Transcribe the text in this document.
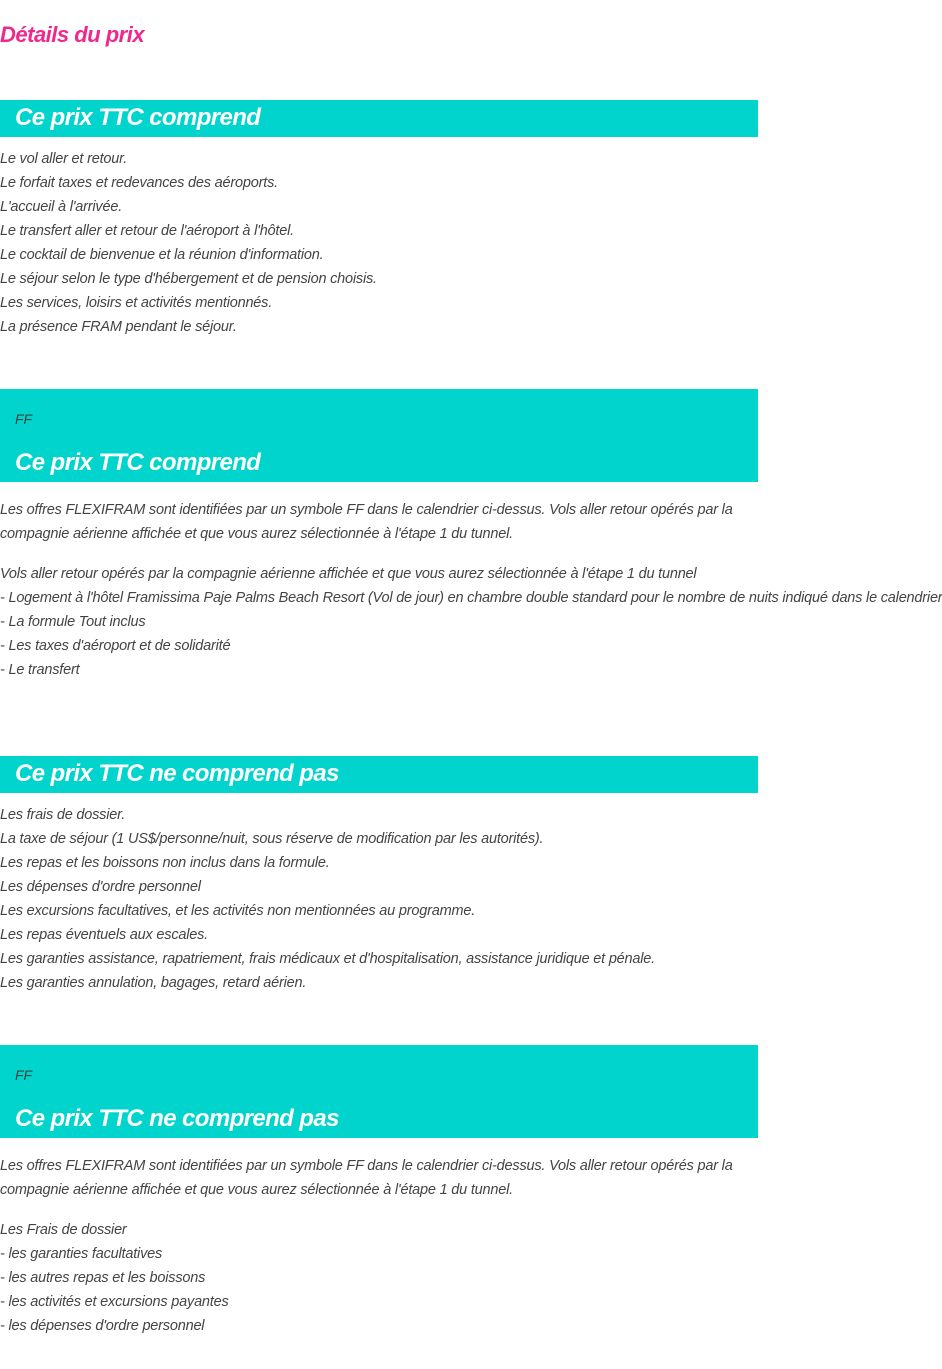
Détails du prix
Ce prix TTC comprend
Le vol aller et retour.
Le forfait taxes et redevances des aéroports.
L'accueil à l'arrivée.
Le transfert aller et retour de l'aéroport à l'hôtel.
Le cocktail de bienvenue et la réunion d'information.
Le séjour selon le type d'hébergement et de pension choisis.
Les services, loisirs et activités mentionnés.
La présence FRAM pendant le séjour.
FF
Ce prix TTC comprend

Les offres FLEXIFRAM sont identifiées par un symbole FF dans le calendrier ci-dessus. Vols aller retour opérés par la compagnie aérienne affichée et que vous aurez sélectionnée à l'étape 1 du tunnel.

Vols aller retour opérés par la compagnie aérienne affichée et que vous aurez sélectionnée à l'étape 1 du tunnel
- Logement à l'hôtel Framissima Paje Palms Beach Resort (Vol de jour) en chambre double standard pour le nombre de nuits indiqué dans le calendrier
- La formule Tout inclus
- Les taxes d'aéroport et de solidarité
- Le transfert
Ce prix TTC ne comprend pas
Les frais de dossier.
La taxe de séjour (1 US$/personne/nuit, sous réserve de modification par les autorités).
Les repas et les boissons non inclus dans la formule.
Les dépenses d'ordre personnel
Les excursions facultatives, et les activités non mentionnées au programme.
Les repas éventuels aux escales.
Les garanties assistance, rapatriement, frais médicaux et d'hospitalisation, assistance juridique et pénale.
Les garanties annulation, bagages, retard aérien.
FF
Ce prix TTC ne comprend pas

Les offres FLEXIFRAM sont identifiées par un symbole FF dans le calendrier ci-dessus. Vols aller retour opérés par la compagnie aérienne affichée et que vous aurez sélectionnée à l'étape 1 du tunnel.

Les Frais de dossier
- les garanties facultatives
- les autres repas et les boissons
- les activités et excursions payantes
- les dépenses d'ordre personnel
